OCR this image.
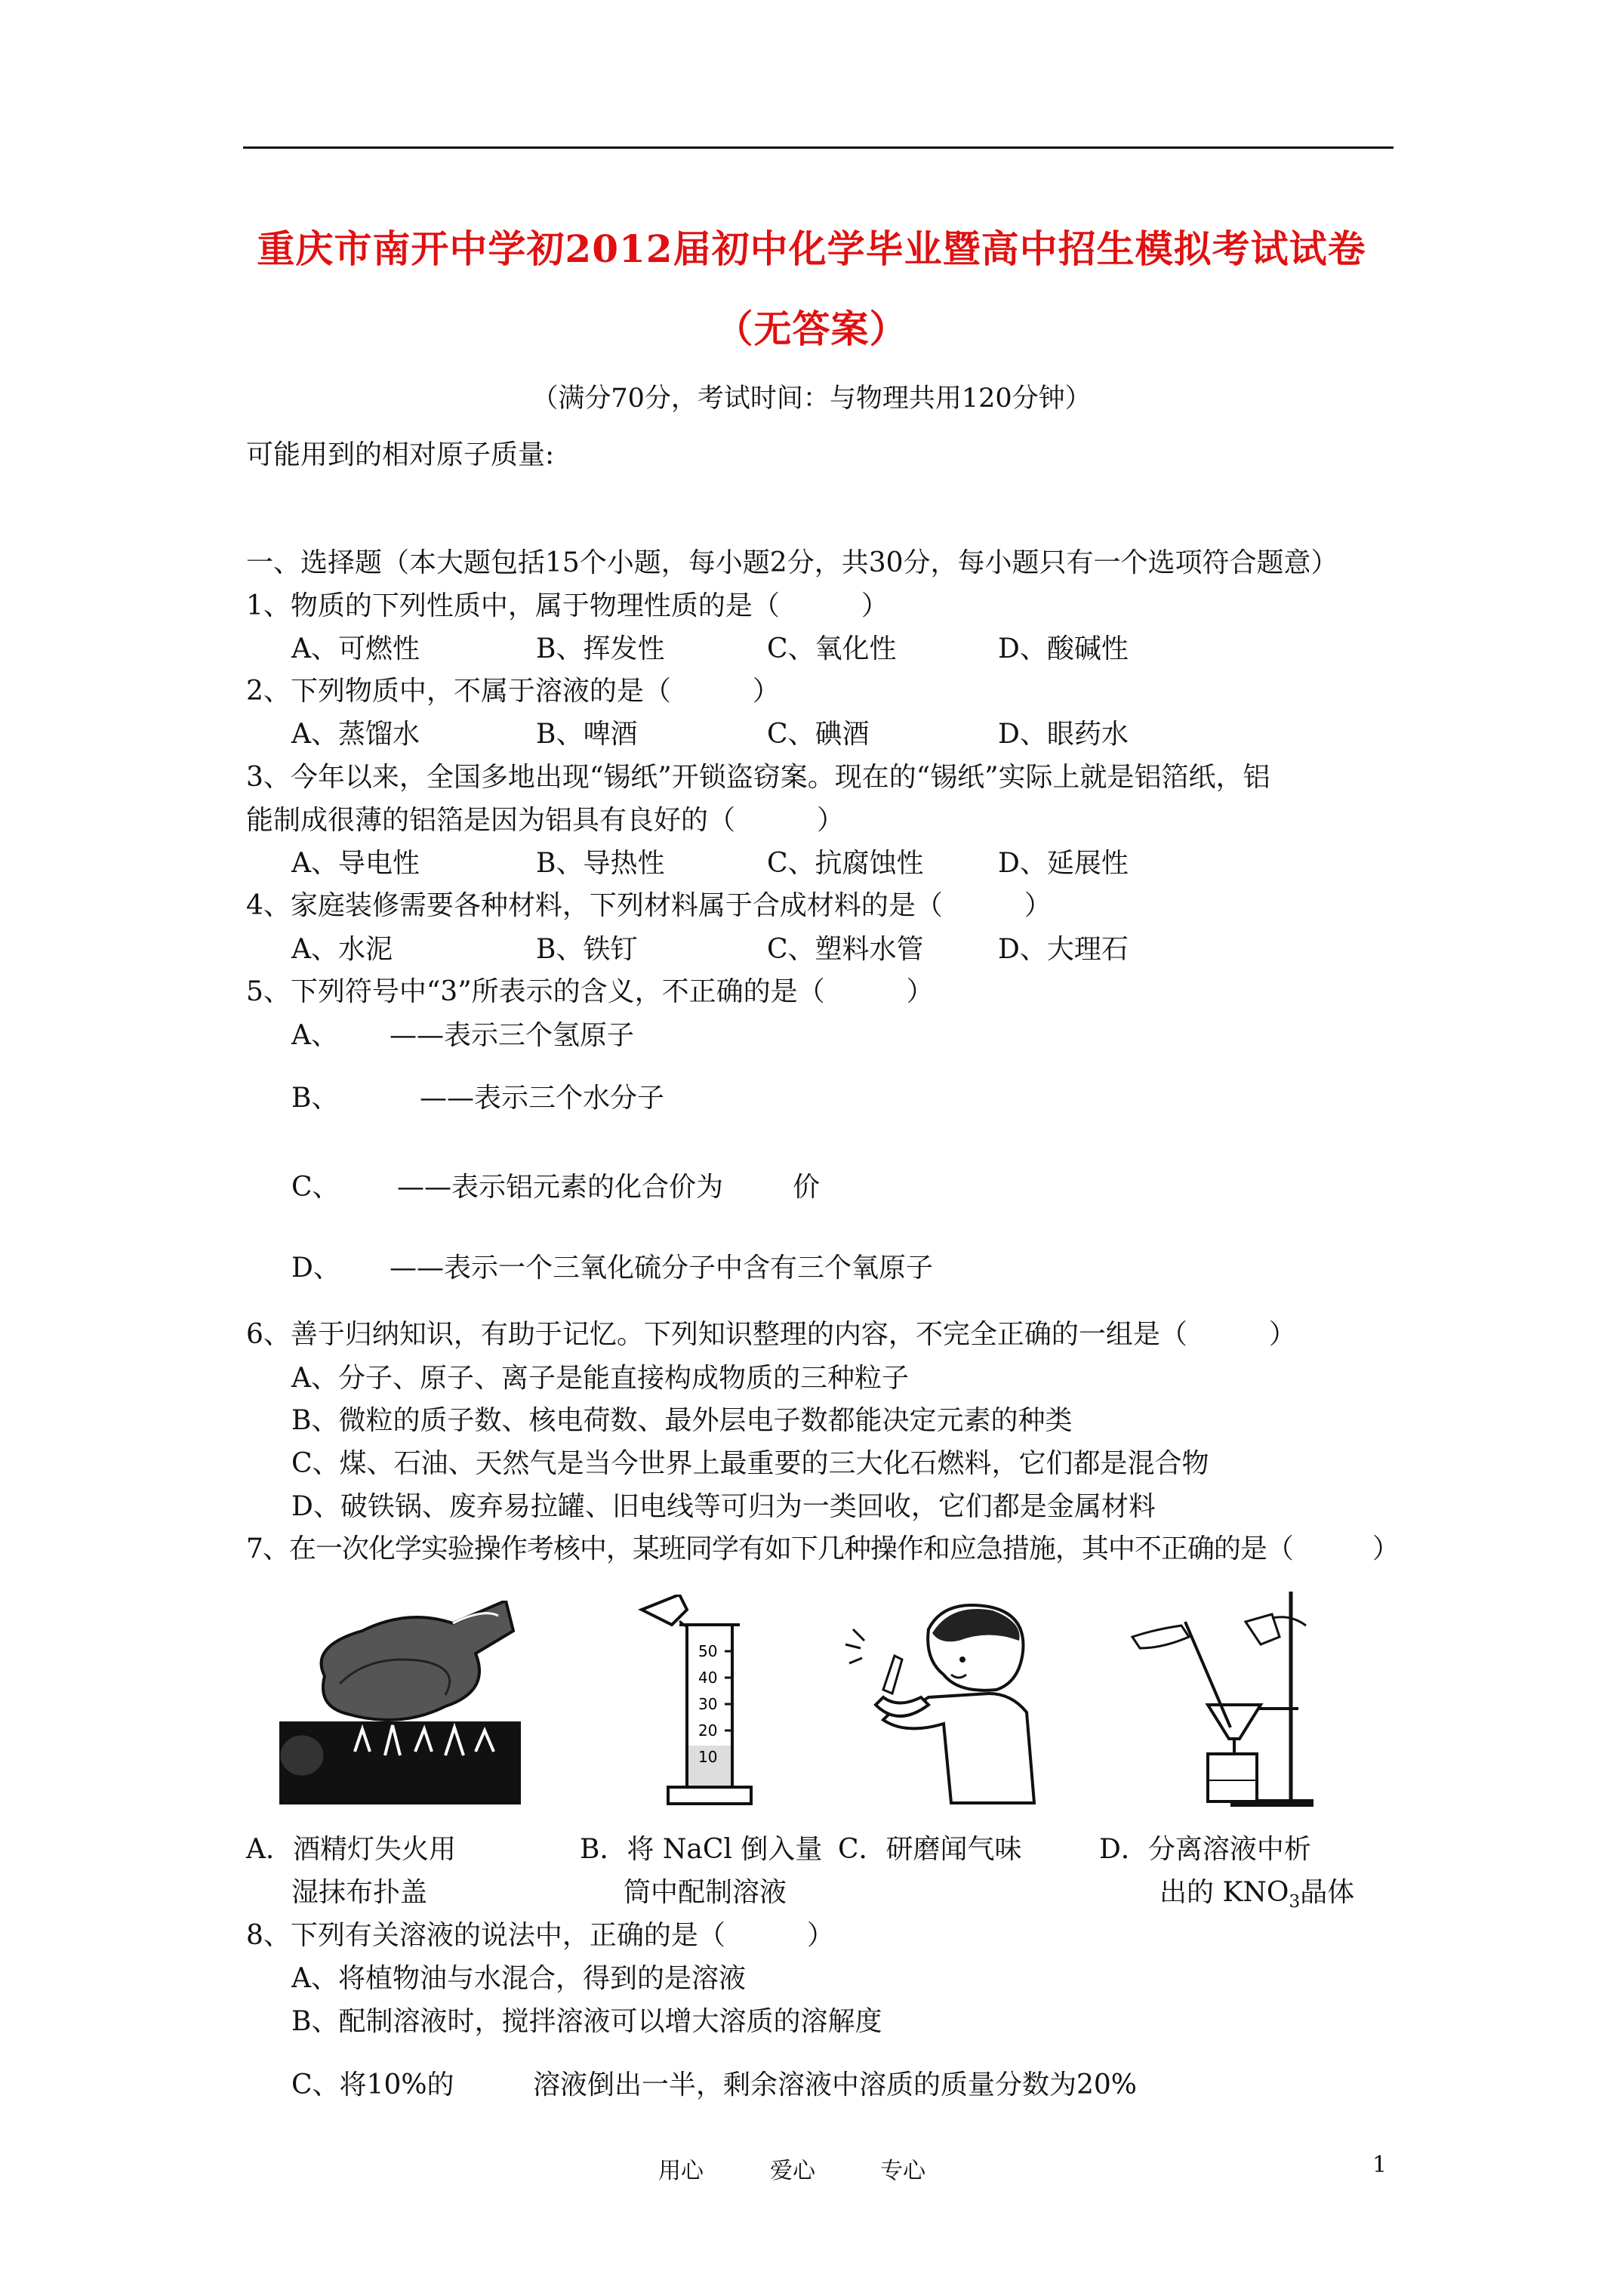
重庆市南开中学初2012届初中化学毕业暨高中招生模拟考试试卷
（无答案）
（满分70分，考试时间：与物理共用120分钟）
可能用到的相对原子质量:
一、选择题（本大题包括15个小题，每小题2分，共30分，每小题只有一个选项符合题意）
1、物质的下列性质中，属于物理性质的是（　　　）
A、可燃性	B、挥发性	C、氧化性	D、酸碱性
2、下列物质中，不属于溶液的是（　　　）
A、蒸馏水	B、啤酒	C、碘酒	D、眼药水
3、今年以来，全国多地出现“锡纸”开锁盗窃案。现在的“锡纸”实际上就是铝箔纸，铝
能制成很薄的铝箔是因为铝具有良好的（　　　）
A、导电性	B、导热性	C、抗腐蚀性	D、延展性
4、家庭装修需要各种材料，下列材料属于合成材料的是（　　　）
A、水泥	B、铁钉	C、塑料水管	D、大理石
5、下列符号中“3”所表示的含义，不正确的是（　　　）
A、 ——表示三个氢原子
B、	——表示三个水分子
C、 ——表示铝元素的化合价为	价
D、 ——表示一个三氧化硫分子中含有三个氧原子
6、善于归纳知识，有助于记忆。下列知识整理的内容，不完全正确的一组是（　　　）
A、分子、原子、离子是能直接构成物质的三种粒子
B、微粒的质子数、核电荷数、最外层电子数都能决定元素的种类
C、煤、石油、天然气是当今世界上最重要的三大化石燃料，它们都是混合物
D、破铁锅、废弃易拉罐、旧电线等可归为一类回收，它们都是金属材料
7、在一次化学实验操作考核中，某班同学有如下几种操作和应急措施，其中不正确的是（　　　）
50
40
30
20
10
A．酒精灯失火用
湿抹布扑盖
B．将 NaCl 倒入量
筒中配制溶液
C．研磨闻气味	D．分离溶液中析
出的 $KNO_3$晶体
8、下列有关溶液的说法中，正确的是（　　　）
A、将植物油与水混合，得到的是溶液
B、配制溶液时，搅拌溶液可以增大溶质的溶解度
C、将10%的	溶液倒出一半，剩余溶液中溶质的质量分数为20%
用心	爱心	专心	1
